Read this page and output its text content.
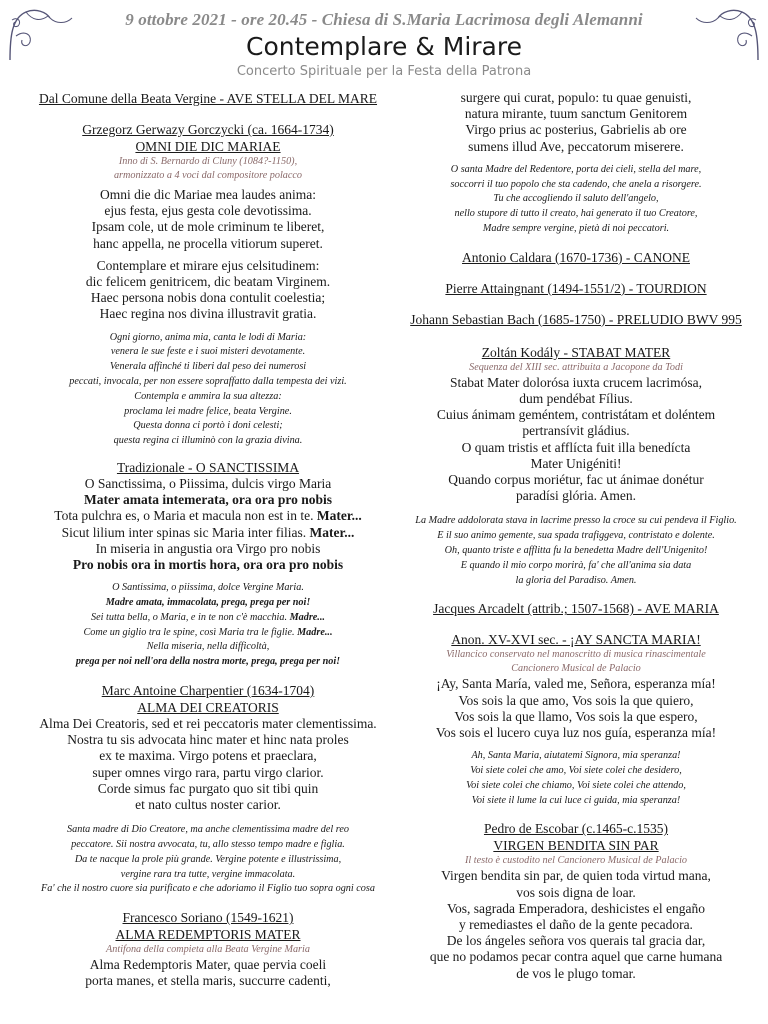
9 ottobre 2021 - ore 20.45 - Chiesa di S.Maria Lacrimosa degli Alemanni
Contemplare & Mirare
Concerto Spirituale per la Festa della Patrona

Dal Comune della Beata Vergine - AVE STELLA DEL MARE

Grzegorz Gerwazy Gorczycki (ca. 1664-1734)

OMNI DIE DIC MARIAE

Inno di S. Bernardo di Cluny (1084?-1150),

armonizzato a 4 voci dal compositore polacco

Omni die dic Mariae mea laudes anima:

ejus festa, ejus gesta cole devotissima.

Ipsam cole, ut de mole criminum te liberet,

hanc appella, ne procella vitiorum superet.

Contemplare et mirare ejus celsitudinem:

dic felicem genitricem, dic beatam Virginem.

Haec persona nobis dona contulit coelestia;

Haec regina nos divina illustravit gratia.

Ogni giorno, anima mia, canta le lodi di Maria:

venera le sue feste e i suoi misteri devotamente.

Venerala affinché ti liberi dal peso dei numerosi

peccati, invocala, per non essere sopraffatto dalla tempesta dei vizi.

Contempla e ammira la sua altezza:

proclama lei madre felice, beata Vergine.

Questa donna ci portò i doni celesti;

questa regina ci illuminò con la grazia divina.

Tradizionale - O SANCTISSIMA

O Sanctissima, o Piissima, dulcis virgo Maria

Mater amata intemerata, ora ora pro nobis

Tota pulchra es, o Maria et macula non est in te. Mater...

Sicut lilium inter spinas sic Maria inter filias. Mater...

In miseria in angustia ora Virgo pro nobis

Pro nobis ora in mortis hora, ora ora pro nobis

O Santissima, o piissima, dolce Vergine Maria.

Madre amata, immacolata, prega, prega per noi!

Sei tutta bella, o Maria, e in te non c'è macchia. Madre...

Come un giglio tra le spine, così Maria tra le figlie. Madre...

Nella miseria, nella difficoltà,

prega per noi nell'ora della nostra morte, prega, prega per noi!

Marc Antoine Charpentier (1634-1704)

ALMA DEI CREATORIS

Alma Dei Creatoris, sed et rei peccatoris mater clementissima.

Nostra tu sis advocata hinc mater et hinc nata proles

ex te maxima. Virgo potens et praeclara,

super omnes virgo rara, partu virgo clarior.

Corde simus fac purgato quo sit tibi quin

et nato cultus noster carior.

Santa madre di Dio Creatore, ma anche clementissima madre del reo

peccatore. Sii nostra avvocata, tu, allo stesso tempo madre e figlia.

Da te nacque la prole più grande. Vergine potente e illustrissima,

vergine rara tra tutte, vergine immacolata.

Fa' che il nostro cuore sia purificato e che adoriamo il Figlio tuo sopra ogni cosa

Francesco Soriano (1549-1621)

ALMA REDEMPTORIS MATER

Antifona della compieta alla Beata Vergine Maria

Alma Redemptoris Mater, quae pervia coeli

porta manes, et stella maris, succurre cadenti,

surgere qui curat, populo: tu quae genuisti,

natura mirante, tuum sanctum Genitorem

Virgo prius ac posterius, Gabrielis ab ore

sumens illud Ave, peccatorum miserere.

O santa Madre del Redentore, porta dei cieli, stella del mare,

soccorri il tuo popolo che sta cadendo, che anela a risorgere.

Tu che accogliendo il saluto dell'angelo,

nello stupore di tutto il creato, hai generato il tuo Creatore,

Madre sempre vergine, pietà di noi peccatori.

Antonio Caldara (1670-1736) - CANONE

Pierre Attaingnant (1494-1551/2) - TOURDION

Johann Sebastian Bach (1685-1750) - PRELUDIO BWV 995

Zoltán Kodály - STABAT MATER

Sequenza del XIII sec. attribuita a Jacopone da Todi

Stabat Mater dolorósa iuxta crucem lacrimósa,

dum pendébat Fílius.

Cuius ánimam geméntem, contristátam et doléntem

pertransívit gládius.

O quam tristis et afflícta fuit illa benedícta

Mater Unigéniti!

Quando corpus moriétur, fac ut ánimae donétur

paradísi glória. Amen.

La Madre addolorata stava in lacrime presso la croce su cui pendeva il Figlio.

E il suo animo gemente, sua spada trafiggeva, contristato e dolente.

Oh, quanto triste e afflitta fu la benedetta Madre dell'Unigenito!

E quando il mio corpo morirà, fa' che all'anima sia data

la gloria del Paradiso. Amen.

Jacques Arcadelt (attrib.; 1507-1568) - AVE MARIA

Anon. XV-XVI sec. - ¡AY SANCTA MARIA!

Villancico conservato nel manoscritto di musica rinascimentale

Cancionero Musical de Palacio

¡Ay, Santa María, valed me, Señora, esperanza mía!

Vos sois la que amo, Vos sois la que quiero,

Vos sois la que llamo, Vos sois la que espero,

Vos sois el lucero cuya luz nos guía, esperanza mía!

Ah, Santa Maria, aiutatemi Signora, mia speranza!

Voi siete colei che amo, Voi siete colei che desidero,

Voi siete colei che chiamo, Voi siete colei che attendo,

Voi siete il lume la cui luce ci guida, mia speranza!

Pedro de Escobar (c.1465-c.1535)

VIRGEN BENDITA SIN PAR

Il testo è custodito nel Cancionero Musical de Palacio

Virgen bendita sin par, de quien toda virtud mana,

vos sois digna de loar.

Vos, sagrada Emperadora, deshicistes el engaño

y remediastes el daño de la gente pecadora.

De los ángeles señora vos querais tal gracia dar,

que no podamos pecar contra aquel que carne humana

de vos le plugo tomar.
